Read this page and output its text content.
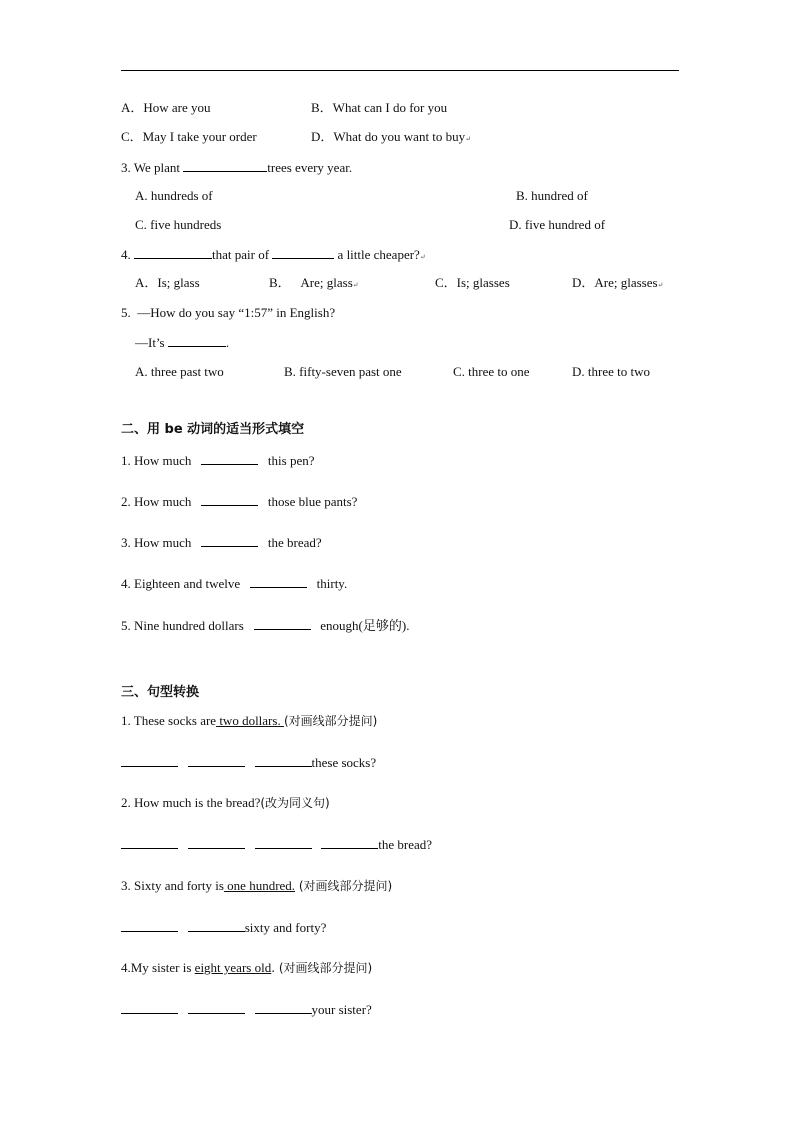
A．How are you	B．What can I do for you
C．May I take your order	D．What do you want to buy↵
3. We plant	trees every year.
A. hundreds of	B. hundred of
C. five hundreds	D. five hundred of
4.	that pair of	a little cheaper?↵
A．Is; glass	B． Are; glass↵	C．Is; glasses	D．Are; glasses↵
5. —How do you say “1:57” in English?
—It’s	.
A. three past two	B. fifty-seven past one	C. three to one	D. three to two
二、用 be 动词的适当形式填空
1. How much	this pen?
2. How much	those blue pants?
3. How much	the bread?
4. Eighteen and twelve	thirty.
5. Nine hundred dollars	enough(足够的).
三、句型转换
1. These socks are two dollars. (对画线部分提问)
these socks?
2. How much is the bread?(改为同义句)
the bread?
3. Sixty and forty is one hundred. (对画线部分提问)
sixty and forty?
4.My sister is eight years old. (对画线部分提问)
your sister?
